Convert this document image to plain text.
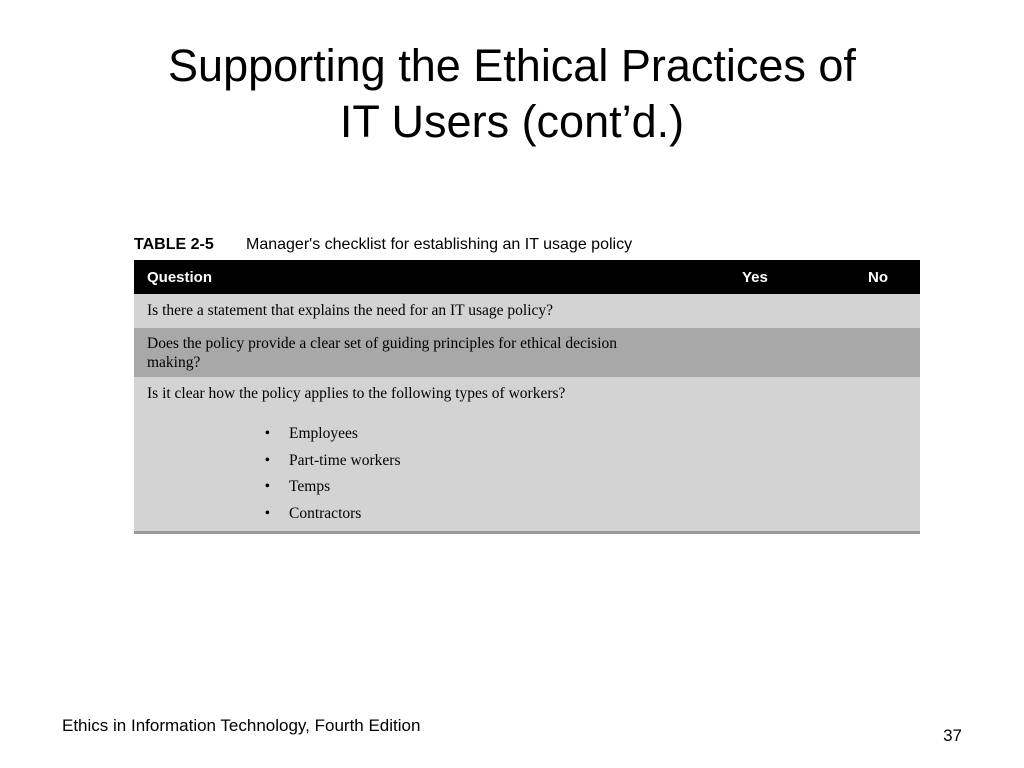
Supporting the Ethical Practices of
IT Users (cont’d.)
TABLE 2-5	Manager's checklist for establishing an IT usage policy
Question	Yes	No
Is there a statement that explains the need for an IT usage policy?
Does the policy provide a clear set of guiding principles for ethical decision making?
Is it clear how the policy applies to the following types of workers?
•
Employees
•
Part-time workers
•
Temps
•
Contractors
Ethics in Information Technology, Fourth Edition
37
